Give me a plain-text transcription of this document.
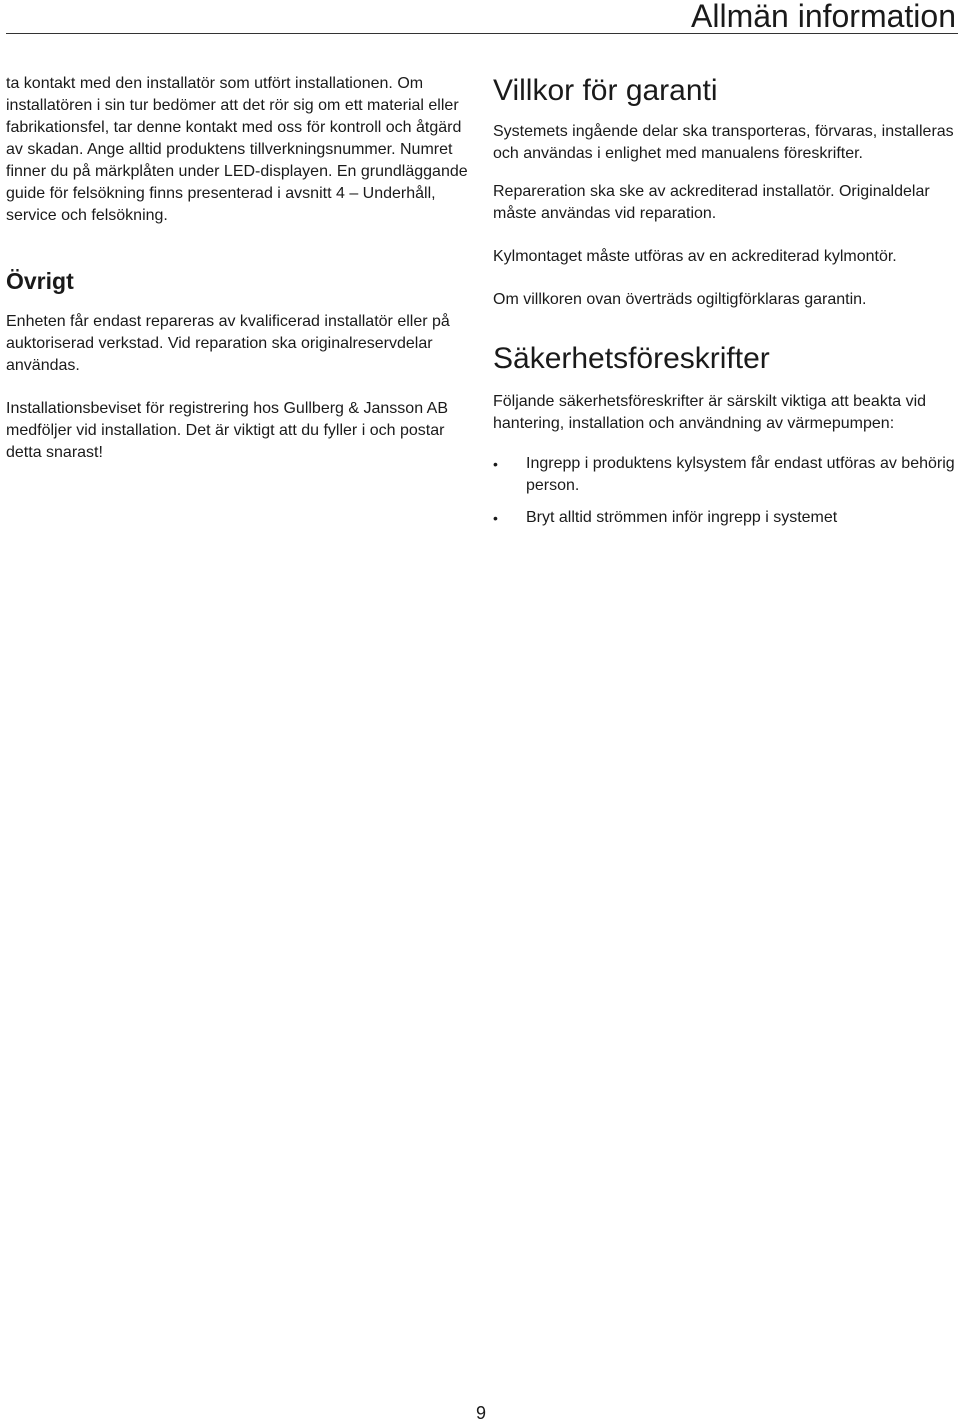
Allmän information

ta kontakt med den installatör som utfört installationen. Om installatören i sin tur bedömer att det rör sig om ett material eller fabrikationsfel, tar denne kontakt med oss för kontroll och åtgärd av skadan. Ange alltid produktens tillverkningsnummer. Numret finner du på märkplåten under LED-displayen. En grundläggande guide för felsökning finns presenterad i avsnitt 4 – Underhåll, service och felsökning.

Övrigt

Enheten får endast repareras av kvalificerad installatör eller på auktoriserad verkstad. Vid reparation ska originalreservdelar användas.

Installationsbeviset för registrering hos Gullberg & Jansson AB medföljer vid installation. Det är viktigt att du fyller i och postar detta snarast!

Villkor för garanti

Systemets ingående delar ska transporteras, förvaras, installeras och användas i enlighet med manualens föreskrifter.

Repareration ska ske av ackrediterad installatör. Originaldelar måste användas vid reparation.

Kylmontaget måste utföras av en ackrediterad kylmontör.

Om villkoren ovan överträds ogiltigförklaras garantin.

Säkerhetsföreskrifter

Följande säkerhetsföreskrifter är särskilt viktiga att beakta vid hantering, installation och användning av värmepumpen:

• Ingrepp i produktens kylsystem får endast utföras av behörig person.
• Bryt alltid strömmen inför ingrepp i systemet
9
